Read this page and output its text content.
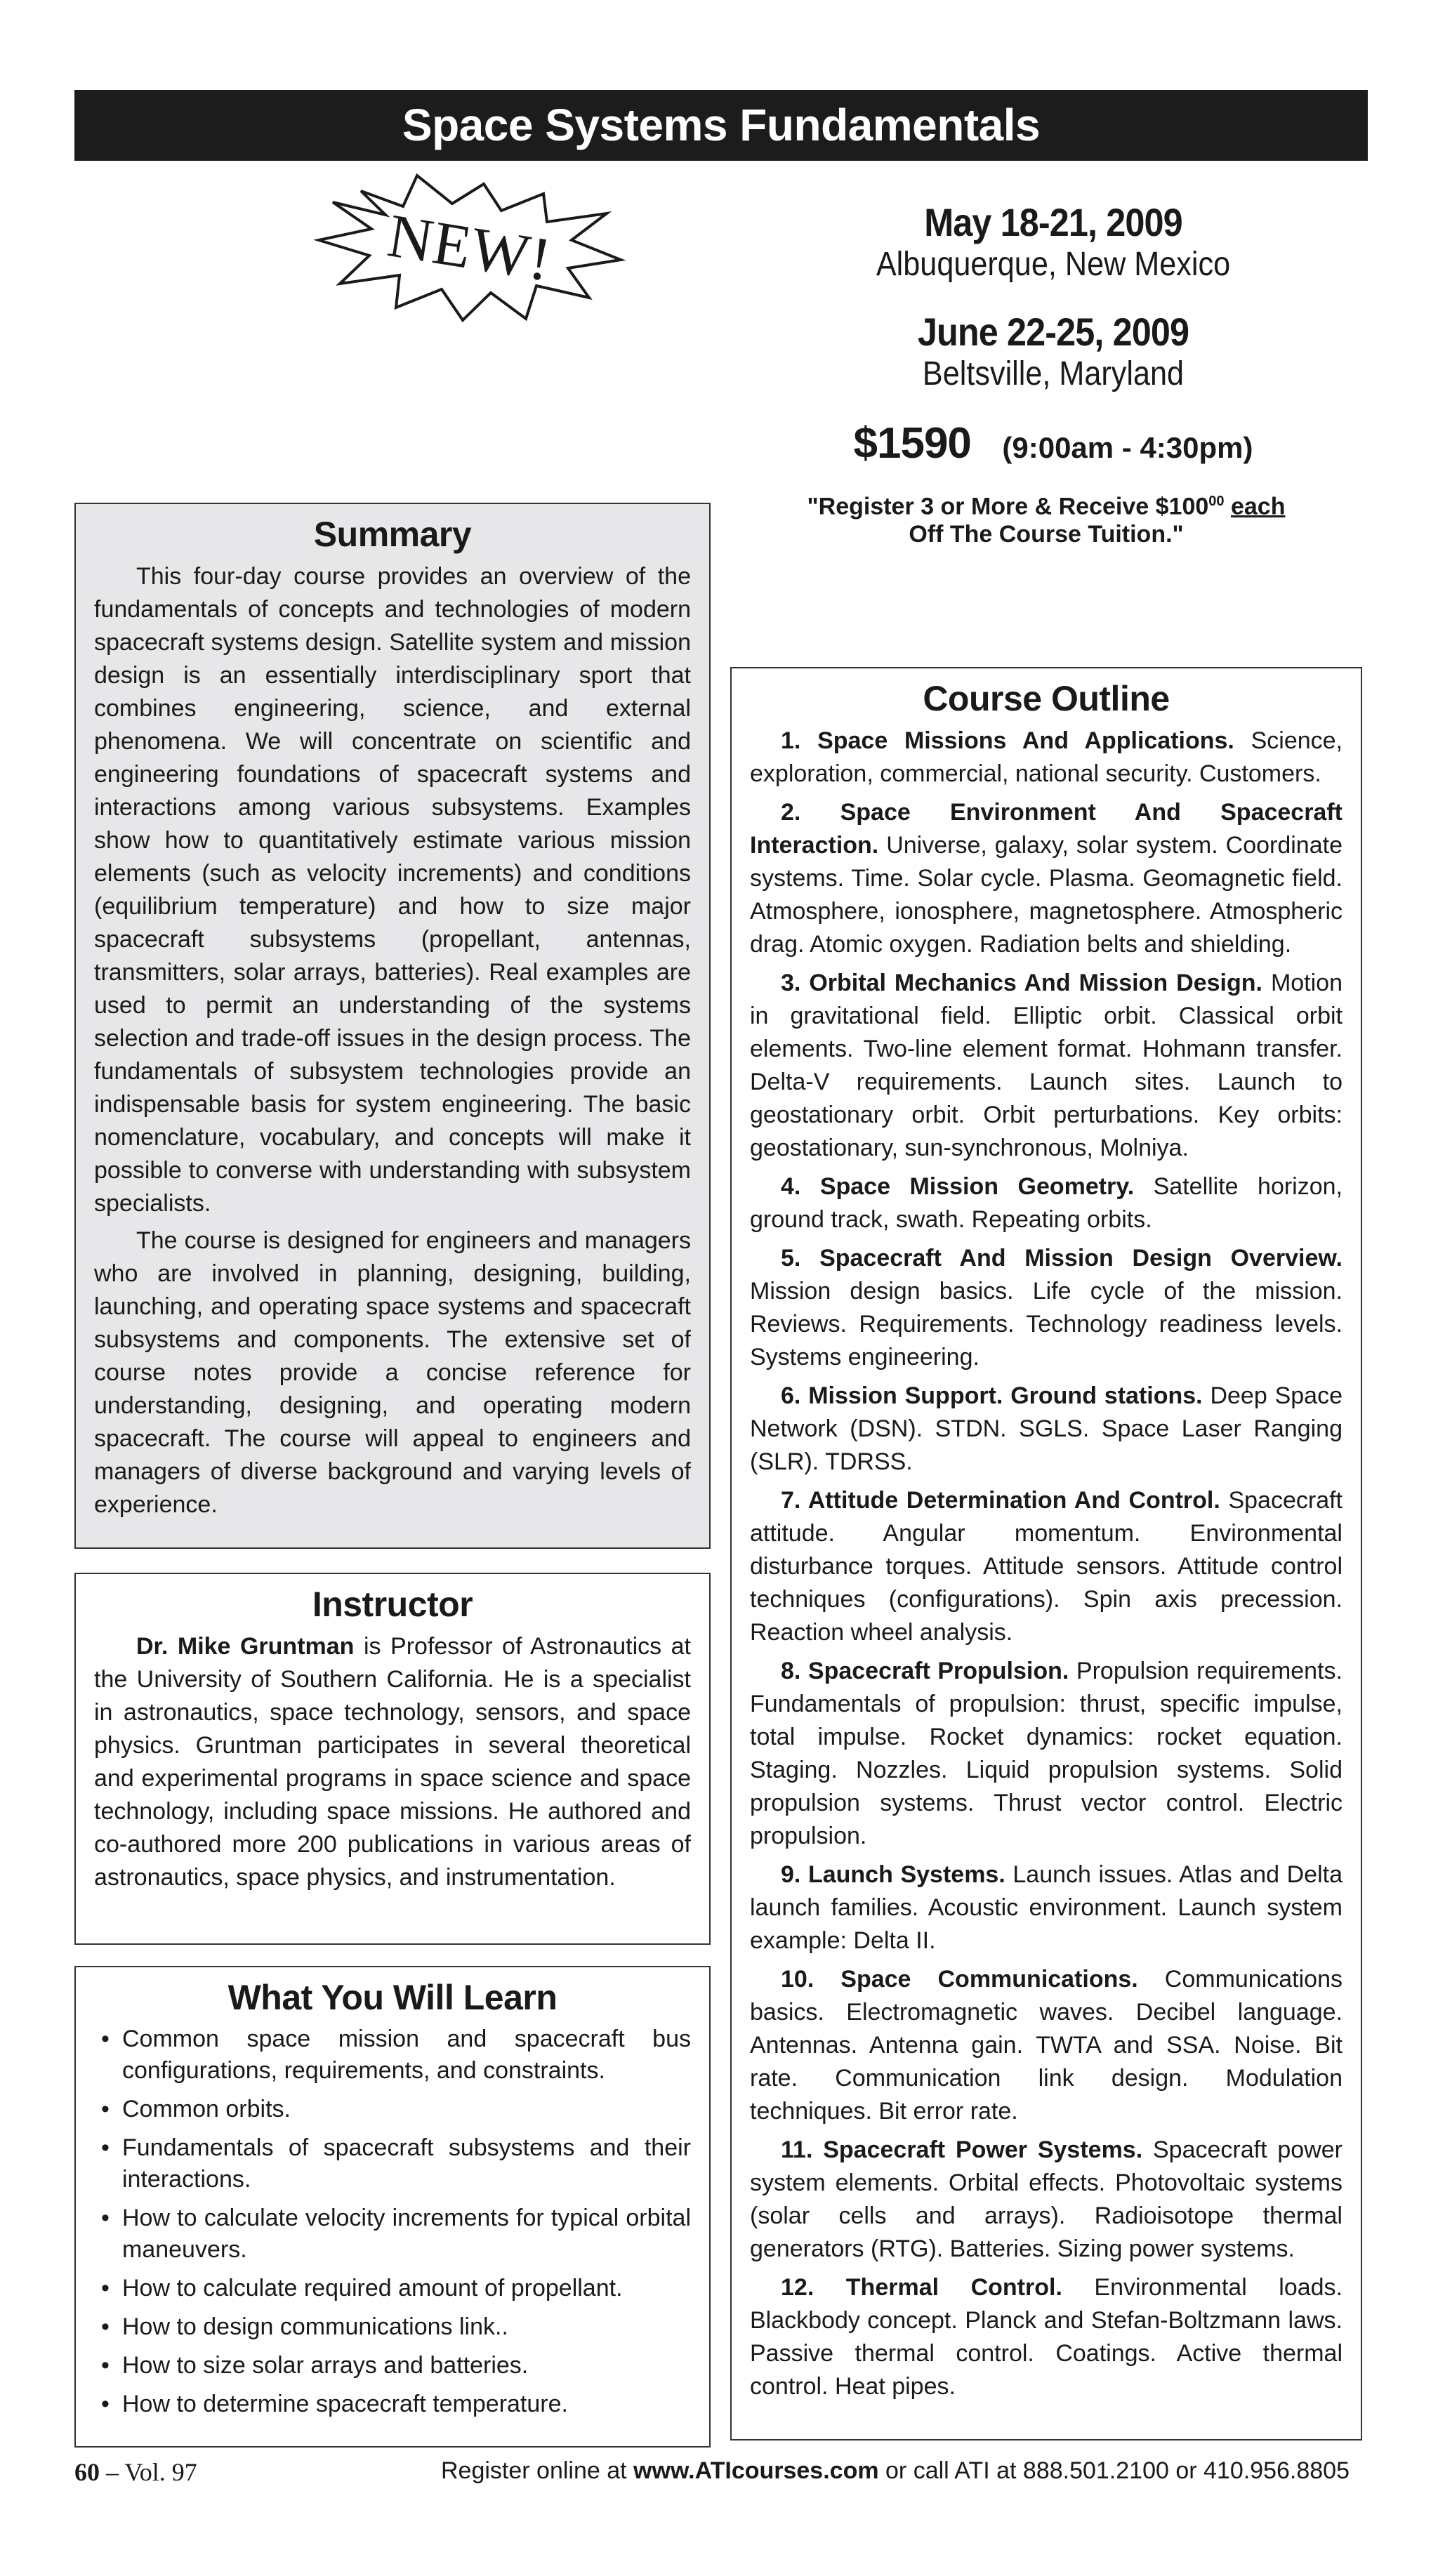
Space Systems Fundamentals
NEW!	May 18-21, 2009
Albuquerque, New Mexico
June 22-25, 2009
Beltsville, Maryland
$1590 (9:00am - 4:30pm)
"Register 3 or More & Receive $\$100^{00}$ each
Off The Course Tuition."
Summary

This four-day course provides an overview of the fundamentals of concepts and technologies of modern spacecraft systems design. Satellite system and mission design is an essentially interdisciplinary sport that combines engineering, science, and external phenomena. We will concentrate on scientific and engineering foundations of spacecraft systems and interactions among various subsystems. Examples show how to quantitatively estimate various mission elements (such as velocity increments) and conditions (equilibrium temperature) and how to size major spacecraft subsystems (propellant, antennas, transmitters, solar arrays, batteries). Real examples are used to permit an understanding of the systems selection and trade-off issues in the design process. The fundamentals of subsystem technologies provide an indispensable basis for system engineering. The basic nomenclature, vocabulary, and concepts will make it possible to converse with understanding with subsystem specialists.

The course is designed for engineers and managers who are involved in planning, designing, building, launching, and operating space systems and spacecraft subsystems and components. The extensive set of course notes provide a concise reference for understanding, designing, and operating modern spacecraft. The course will appeal to engineers and managers of diverse background and varying levels of experience.

Instructor

Dr. Mike Gruntman is Professor of Astronautics at the University of Southern California. He is a specialist in astronautics, space technology, sensors, and space physics. Gruntman participates in several theoretical and experimental programs in space science and space technology, including space missions. He authored and co-authored more 200 publications in various areas of astronautics, space physics, and instrumentation.

What You Will Learn
• Common space mission and spacecraft bus configurations, requirements, and constraints.
• Common orbits.
• Fundamentals of spacecraft subsystems and their interactions.
• How to calculate velocity increments for typical orbital maneuvers.
• How to calculate required amount of propellant.
• How to design communications link..
• How to size solar arrays and batteries.
• How to determine spacecraft temperature.
Course Outline

1. Space Missions And Applications. Science, exploration, commercial, national security. Customers.

2. Space Environment And Spacecraft Interaction. Universe, galaxy, solar system. Coordinate systems. Time. Solar cycle. Plasma. Geomagnetic field. Atmosphere, ionosphere, magnetosphere. Atmospheric drag. Atomic oxygen. Radiation belts and shielding.

3. Orbital Mechanics And Mission Design. Motion in gravitational field. Elliptic orbit. Classical orbit elements. Two-line element format. Hohmann transfer. Delta-V requirements. Launch sites. Launch to geostationary orbit. Orbit perturbations. Key orbits: geostationary, sun-synchronous, Molniya.

4. Space Mission Geometry. Satellite horizon, ground track, swath. Repeating orbits.

5. Spacecraft And Mission Design Overview. Mission design basics. Life cycle of the mission. Reviews. Requirements. Technology readiness levels. Systems engineering.

6. Mission Support. Ground stations. Deep Space Network (DSN). STDN. SGLS. Space Laser Ranging (SLR). TDRSS.

7. Attitude Determination And Control. Spacecraft attitude. Angular momentum. Environmental disturbance torques. Attitude sensors. Attitude control techniques (configurations). Spin axis precession. Reaction wheel analysis.

8. Spacecraft Propulsion. Propulsion requirements. Fundamentals of propulsion: thrust, specific impulse, total impulse. Rocket dynamics: rocket equation. Staging. Nozzles. Liquid propulsion systems. Solid propulsion systems. Thrust vector control. Electric propulsion.

9. Launch Systems. Launch issues. Atlas and Delta launch families. Acoustic environment. Launch system example: Delta II.

10. Space Communications. Communications basics. Electromagnetic waves. Decibel language. Antennas. Antenna gain. TWTA and SSA. Noise. Bit rate. Communication link design. Modulation techniques. Bit error rate.

11. Spacecraft Power Systems. Spacecraft power system elements. Orbital effects. Photovoltaic systems (solar cells and arrays). Radioisotope thermal generators (RTG). Batteries. Sizing power systems.

12. Thermal Control. Environmental loads. Blackbody concept. Planck and Stefan-Boltzmann laws. Passive thermal control. Coatings. Active thermal control. Heat pipes.

60 – Vol. 97	Register online at www.ATIcourses.com or call ATI at 888.501.2100 or 410.956.8805
